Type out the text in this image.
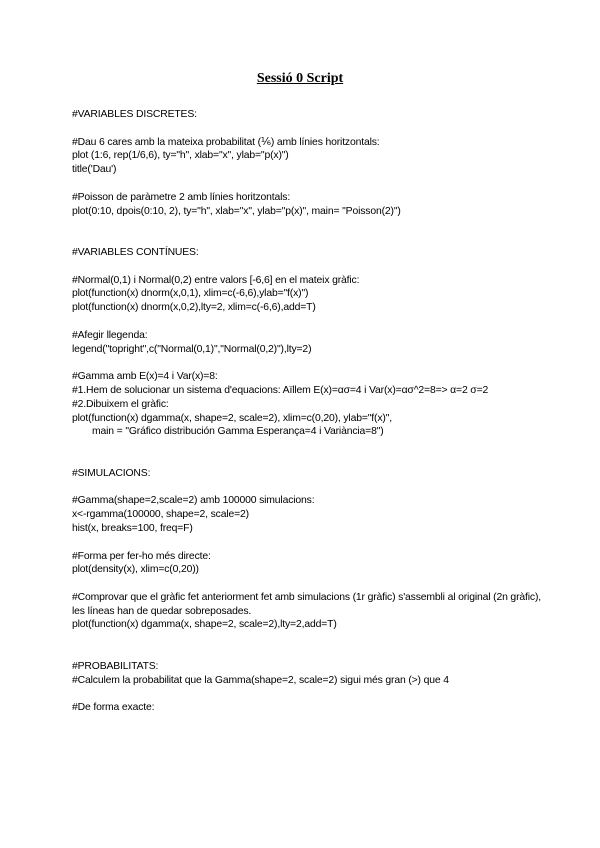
Sessió 0 Script
#VARIABLES DISCRETES:
#Dau 6 cares amb la mateixa probabilitat (⅙) amb línies horitzontals:
plot (1:6, rep(1/6,6), ty="h", xlab="x", ylab="p(x)")
title('Dau')
#Poisson de paràmetre 2 amb línies horitzontals:
plot(0:10, dpois(0:10, 2), ty="h", xlab="x", ylab="p(x)", main= "Poisson(2)")
#VARIABLES CONTÍNUES:
#Normal(0,1) i Normal(0,2) entre valors [-6,6] en el mateix gràfic:
plot(function(x) dnorm(x,0,1), xlim=c(-6,6),ylab="f(x)")
plot(function(x) dnorm(x,0,2),lty=2, xlim=c(-6,6),add=T)
#Afegir llegenda:
legend("topright",c("Normal(0,1)","Normal(0,2)"),lty=2)
#Gamma amb E(x)=4 i Var(x)=8:
#1.Hem de solucionar un sistema d'equacions: Aïllem E(x)=ασ=4 i Var(x)=ασ^2=8=> α=2 σ=2
#2.Dibuixem el gràfic:
plot(function(x) dgamma(x, shape=2, scale=2), xlim=c(0,20), ylab="f(x)",
main = "Gráfico distribución Gamma Esperança=4 i Variància=8")
#SIMULACIONS:
#Gamma(shape=2,scale=2) amb 100000 simulacions:
x<-rgamma(100000, shape=2, scale=2)
hist(x, breaks=100, freq=F)
#Forma per fer-ho més directe:
plot(density(x), xlim=c(0,20))
#Comprovar que el gràfic fet anteriorment fet amb simulacions (1r gràfic) s'assembli al original (2n gràfic), les líneas han de quedar sobreposades.
plot(function(x) dgamma(x, shape=2, scale=2),lty=2,add=T)
#PROBABILITATS:
#Calculem la probabilitat que la Gamma(shape=2, scale=2) sigui més gran (>) que 4
#De forma exacte:
